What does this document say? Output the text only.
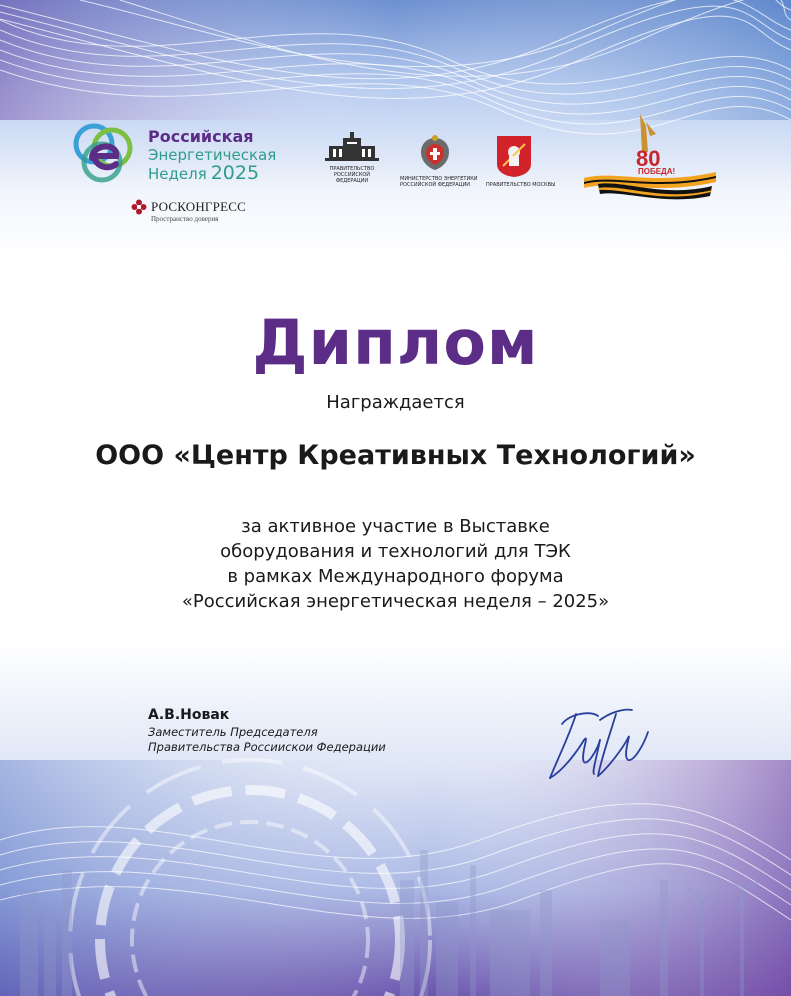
Российская
Энергетическая
Неделя 2025
РОСКОНГРЕСС
Пространство доверия
ПРАВИТЕЛЬСТВО
РОССИЙСКОЙ
ФЕДЕРАЦИИ	МИНИСТЕРСТВО ЭНЕРГЕТИКИ
РОССИЙСКОЙ ФЕДЕРАЦИИ	ПРАВИТЕЛЬСТВО МОСКВЫ
80
ПОБЕДА!
Диплом
Награждается
ООО «Центр Креативных Технологий»
за активное участие в Выставке
оборудования и технологий для ТЭК
в рамках Международного форума
«Российская энергетическая неделя – 2025»
А.В.Новак
Заместитель Председателя
Правительства Россиискои Федерации
